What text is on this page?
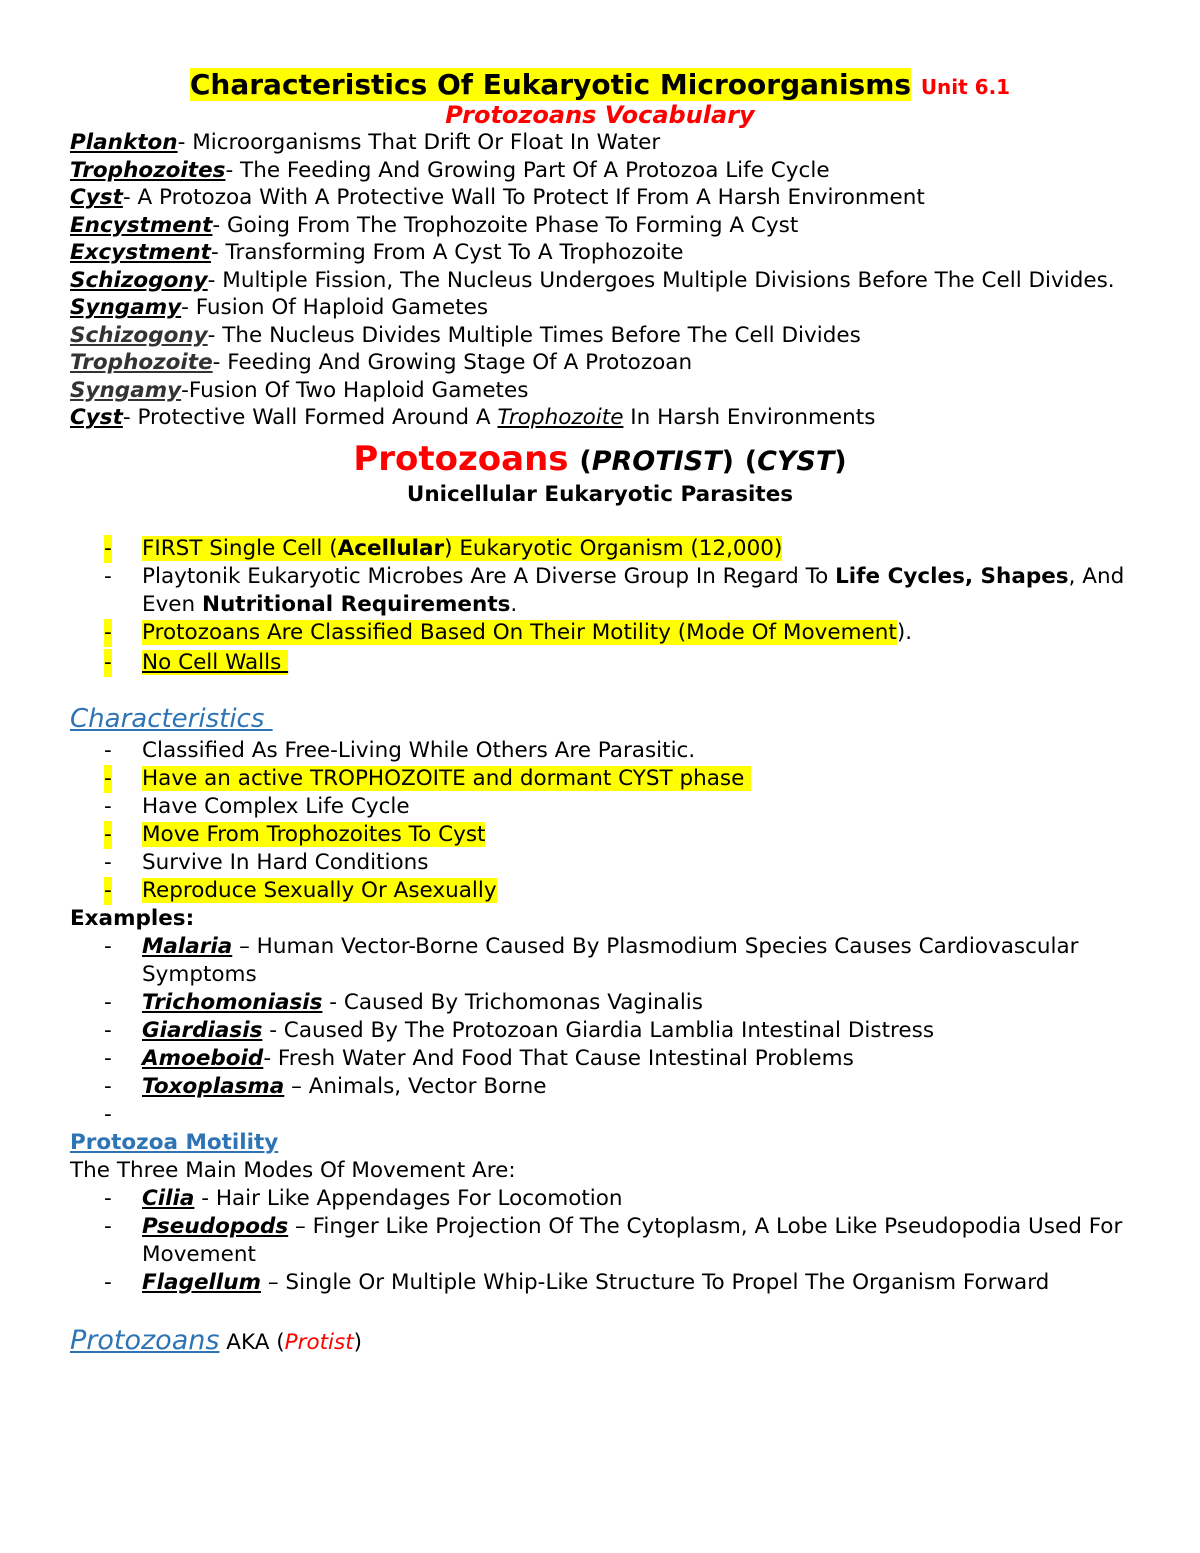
Characteristics Of Eukaryotic Microorganisms Unit 6.1
Protozoans Vocabulary

Plankton- Microorganisms That Drift Or Float In Water

Trophozoites- The Feeding And Growing Part Of A Protozoa Life Cycle

Cyst- A Protozoa With A Protective Wall To Protect If From A Harsh Environment

Encystment- Going From The Trophozoite Phase To Forming A Cyst

Excystment- Transforming From A Cyst To A Trophozoite

Schizogony- Multiple Fission, The Nucleus Undergoes Multiple Divisions Before The Cell Divides.

Syngamy- Fusion Of Haploid Gametes

Schizogony- The Nucleus Divides Multiple Times Before The Cell Divides

Trophozoite- Feeding And Growing Stage Of A Protozoan

Syngamy-Fusion Of Two Haploid Gametes

Cyst- Protective Wall Formed Around A Trophozoite In Harsh Environments

Protozoans (PROTIST) (CYST)
Unicellular Eukaryotic Parasites
- FIRST Single Cell (Acellular) Eukaryotic Organism (12,000)
- Playtonik Eukaryotic Microbes Are A Diverse Group In Regard To Life Cycles, Shapes, And Even Nutritional Requirements.
- Protozoans Are Classified Based On Their Motility (Mode Of Movement).
- No Cell Walls
Characteristics
- Classified As Free-Living While Others Are Parasitic.
- Have an active TROPHOZOITE and dormant CYST phase
- Have Complex Life Cycle
- Move From Trophozoites To Cyst
- Survive In Hard Conditions
- Reproduce Sexually Or Asexually
Examples:
- Malaria – Human Vector-Borne Caused By Plasmodium Species Causes Cardiovascular Symptoms
- Trichomoniasis - Caused By Trichomonas Vaginalis
- Giardiasis - Caused By The Protozoan Giardia Lamblia Intestinal Distress
- Amoeboid- Fresh Water And Food That Cause Intestinal Problems
- Toxoplasma – Animals, Vector Borne
-
Protozoa Motility
The Three Main Modes Of Movement Are:
- Cilia - Hair Like Appendages For Locomotion
- Pseudopods – Finger Like Projection Of The Cytoplasm, A Lobe Like Pseudopodia Used For Movement
- Flagellum – Single Or Multiple Whip-Like Structure To Propel The Organism Forward
Protozoans AKA (Protist)
